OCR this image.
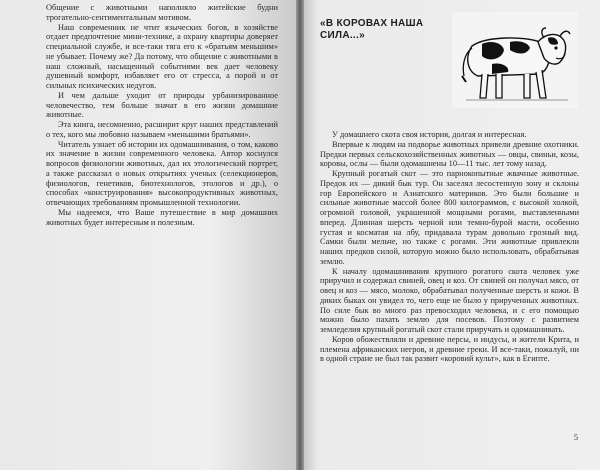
Общение с животными наполняло житейские будни трогательно-сентиментальным мотивом.

Наш современник не чтит языческих богов, в хозяйстве отдает предпочтение мини-технике, а охрану квартиры доверяет специальной службе, и все-таки тяга его к «братьям меньшим» не убывает. Почему же? Да потому, что общение с животными в наш сложный, насыщенный событиями век дает человеку душевный комфорт, избавляет его от стресса, а порой и от сильных психических недугов.

И чем дальше уходит от природы урбанизированное человечество, тем больше значат в его жизни домашние животные.

Эта книга, несомненно, расширит круг наших представлений о тех, кого мы любовно называем «меньшими братьями».

Читатель узнает об истории их одомашнивания, о том, каково их значение в жизни современного человека. Автор коснулся вопросов физиологии животных, дал их этологический портрет, а также рассказал о новых открытиях ученых (селекционеров, физиологов, генетиков, биотехнологов, этологов и др.), о способах «конструирования» высокопродуктивных животных, отвечающих требованиям промышленной технологии.

Мы надеемся, что Ваше путешествие в мир домашних животных будет интересным и полезным.

«В КОРОВАХ НАША СИЛА...»

У домашнего скота своя история, долгая и интересная.

Впервые к людям на подворье животных привели древние охотники. Предки первых сельскохозяйственных животных — овцы, свиньи, козы, коровы, ослы — были одомашнены 10—11 тыс. лет тому назад.

Крупный рогатый скот — это парнокопытные жвачные животные. Предок их — дикий бык тур. Он заселял лесостепную зону и склоны гор Европейского и Азиатского материков. Это были большие и сильные животные массой более 800 килограммов, с высокой холкой, огромной головой, украшенной мощными рогами, выставленными вперед. Длинная шерсть черной или темно-бурой масти, особенно густая и косматая на лбу, придавала турам довольно грозный вид. Самки были мельче, но также с рогами. Эти животные привлекли наших предков силой, которую можно было использовать, обрабатывая землю.

К началу одомашнивания крупного рогатого скота человек уже приручил и содержал свиней, овец и коз. От свиней он получал мясо, от овец и коз — мясо, молоко, обрабатывал полученные шерсть и кожи. В диких быках он увидел то, чего еще не было у прирученных животных. По силе бык во много раз превосходил человека, и с его помощью можно было пахать землю для посевов. Поэтому с развитием земледелия крупный рогатый скот стали приручать и одомашнивать.

Коров обожествляли и древние персы, и индусы, и жители Крита, и племена африканских негров, и древние греки. И все-таки, пожалуй, ни в одной стране не был так развит «коровий культ», как в Египте.

5
